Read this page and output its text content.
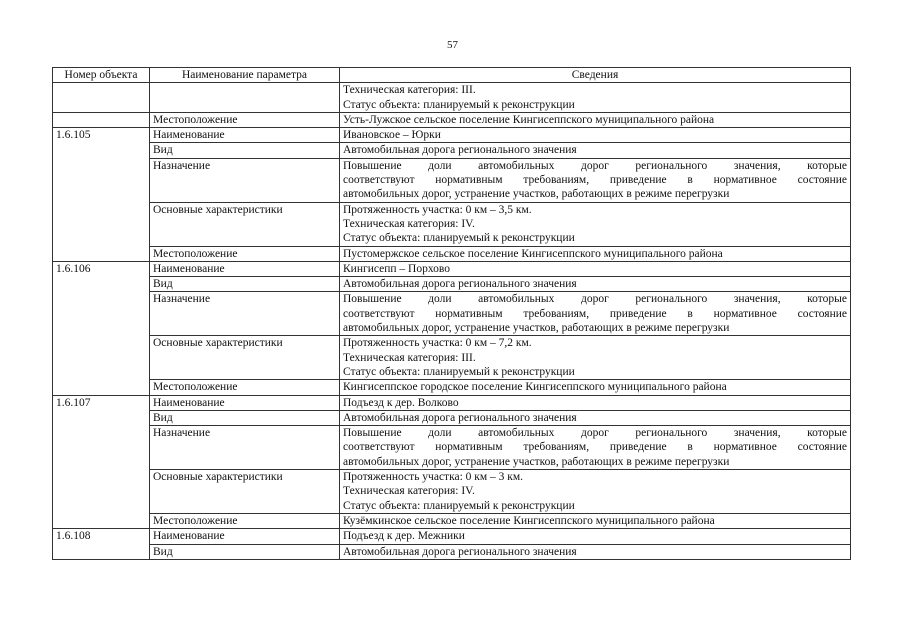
57
Номер объекта	Наименование параметра	Сведения

		Техническая категория: III.
Статус объекта: планируемый к реконструкции

	Местоположение	Усть-Лужское сельское поселение Кингисеппского муниципального района
1.6.105	Наименование	Ивановское – Юрки
	Вид	Автомобильная дорога регионального значения
	Назначение	Повышение доли автомобильных дорог регионального значения, которые
соответствуют нормативным требованиям, приведение в нормативное состояние
автомобильных дорог, устранение участков, работающих в режиме перегрузки

	Основные характеристики	Протяженность участка: 0 км – 3,5 км.
Техническая категория: IV.
Статус объекта: планируемый к реконструкции

	Местоположение	Пустомержское сельское поселение Кингисеппского муниципального района
1.6.106	Наименование	Кингисепп – Порхово
	Вид	Автомобильная дорога регионального значения
	Назначение	Повышение доли автомобильных дорог регионального значения, которые
соответствуют нормативным требованиям, приведение в нормативное состояние
автомобильных дорог, устранение участков, работающих в режиме перегрузки

	Основные характеристики	Протяженность участка: 0 км – 7,2 км.
Техническая категория: III.
Статус объекта: планируемый к реконструкции

	Местоположение	Кингисеппское городское поселение Кингисеппского муниципального района
1.6.107	Наименование	Подъезд к дер. Волково
	Вид	Автомобильная дорога регионального значения
	Назначение	Повышение доли автомобильных дорог регионального значения, которые
соответствуют нормативным требованиям, приведение в нормативное состояние
автомобильных дорог, устранение участков, работающих в режиме перегрузки

	Основные характеристики	Протяженность участка: 0 км – 3 км.
Техническая категория: IV.
Статус объекта: планируемый к реконструкции

	Местоположение	Кузёмкинское сельское поселение Кингисеппского муниципального района
1.6.108	Наименование	Подъезд к дер. Межники
	Вид	Автомобильная дорога регионального значения
